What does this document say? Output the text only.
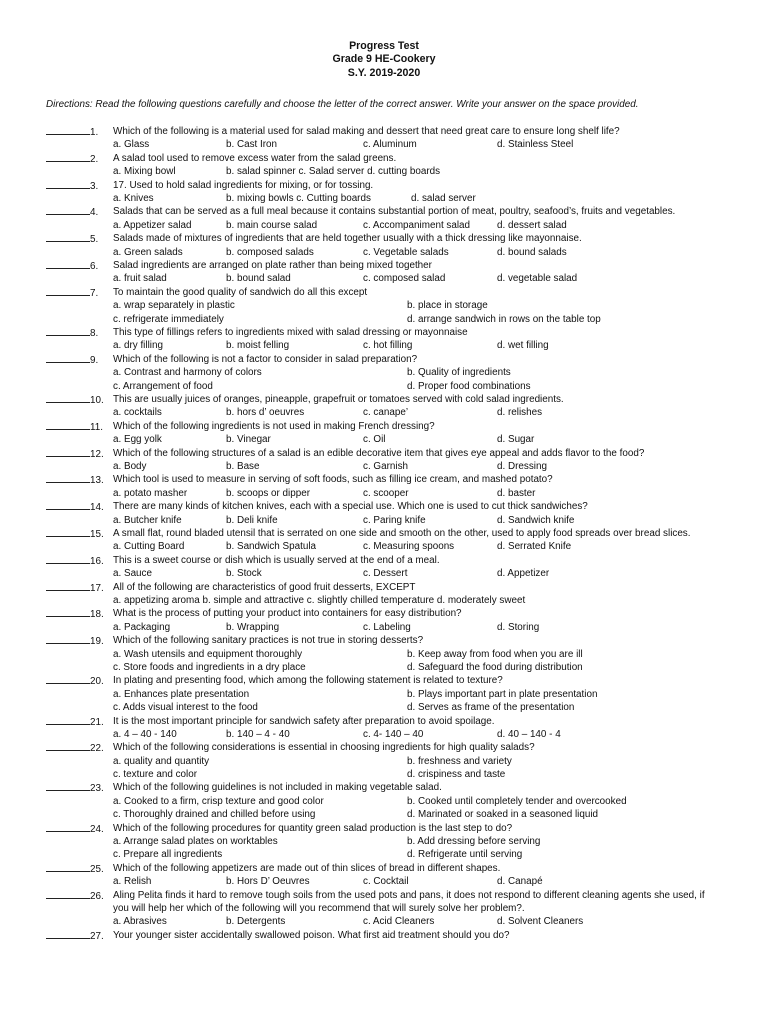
Progress Test
Grade 9 HE-Cookery
S.Y. 2019-2020
Directions: Read the following questions carefully and choose the letter of the correct answer. Write your answer on the space provided.
1.	Which of the following is a material used for salad making and dessert that need great care to ensure long shelf life?
a. Glass	b. Cast Iron	c. Aluminum	d. Stainless Steel
2.	A salad tool used to remove excess water from the salad greens.
a. Mixing bowl	b. salad spinner c. Salad server d. cutting boards
3.	17. Used to hold salad ingredients for mixing, or for tossing.
a. Knives	b. mixing bowls c. Cutting boards	d. salad server
4.	Salads that can be served as a full meal because it contains substantial portion of meat, poultry, seafood’s, fruits and vegetables.
a. Appetizer salad	b. main course salad	c. Accompaniment salad	d. dessert salad
5.	Salads made of mixtures of ingredients that are held together usually with a thick dressing like mayonnaise.
a. Green salads	b. composed salads	c. Vegetable salads	d. bound salads
6.	Salad ingredients are arranged on plate rather than being mixed together
a. fruit salad	b. bound salad	c. composed salad	d. vegetable salad
7.	To maintain the good quality of sandwich do all this except
a. wrap separately in plastic	b. place in storage
c. refrigerate immediately	d. arrange sandwich in rows on the table top
8.	This type of fillings refers to ingredients mixed with salad dressing or mayonnaise
a. dry filling	b. moist felling	c. hot filling	d. wet filling
9.	Which of the following is not a factor to consider in salad preparation?
a. Contrast and harmony of colors	b. Quality of ingredients
c. Arrangement of food	d. Proper food combinations
10. This are usually juices of oranges, pineapple, grapefruit or tomatoes served with cold salad ingredients.
a. cocktails	b. hors d’ oeuvres	c. canape’	d. relishes
11. Which of the following ingredients is not used in making French dressing?
a. Egg yolk	b. Vinegar	c. Oil	d. Sugar
12. Which of the following structures of a salad is an edible decorative item that gives eye appeal and adds flavor to the food?
a. Body	b. Base	c. Garnish	d. Dressing
13. Which tool is used to measure in serving of soft foods, such as filling ice cream, and mashed potato?
a. potato masher	b. scoops or dipper	c. scooper	d. baster
14. There are many kinds of kitchen knives, each with a special use. Which one is used to cut thick sandwiches?
a. Butcher knife	b. Deli knife	c. Paring knife	d. Sandwich knife
15. A small flat, round bladed utensil that is serrated on one side and smooth on the other, used to apply food spreads over bread slices.
a. Cutting Board	b. Sandwich Spatula	c. Measuring spoons	d. Serrated Knife
16. This is a sweet course or dish which is usually served at the end of a meal.
a. Sauce	b. Stock	c. Dessert	d. Appetizer
17. All of the following are characteristics of good fruit desserts, EXCEPT
a. appetizing aroma b. simple and attractive c. slightly chilled temperature d. moderately sweet
18. What is the process of putting your product into containers for easy distribution?
a. Packaging	b. Wrapping	c. Labeling	d. Storing
19. Which of the following sanitary practices is not true in storing desserts?
a. Wash utensils and equipment thoroughly	b. Keep away from food when you are ill
c. Store foods and ingredients in a dry place	d. Safeguard the food during distribution
20. In plating and presenting food, which among the following statement is related to texture?
a. Enhances plate presentation	b. Plays important part in plate presentation
c. Adds visual interest to the food	d. Serves as frame of the presentation
21. It is the most important principle for sandwich safety after preparation to avoid spoilage.
a. 4 – 40 - 140	b. 140 – 4 - 40	c. 4- 140 – 40	d. 40 – 140 - 4
22. Which of the following considerations is essential in choosing ingredients for high quality salads?
a. quality and quantity	b. freshness and variety
c. texture and color	d. crispiness and taste
23. Which of the following guidelines is not included in making vegetable salad.
a. Cooked to a firm, crisp texture and good color	b. Cooked until completely tender and overcooked
c. Thoroughly drained and chilled before using	d. Marinated or soaked in a seasoned liquid
24. Which of the following procedures for quantity green salad production is the last step to do?
a. Arrange salad plates on worktables	b. Add dressing before serving
c. Prepare all ingredients	d. Refrigerate until serving
25. Which of the following appetizers are made out of thin slices of bread in different shapes.
a. Relish	b. Hors D’ Oeuvres	c. Cocktail	d. Canapé
26. Aling Pelita finds it hard to remove tough soils from the used pots and pans, it does not respond to different cleaning agents she used, if you will help her which of the following will you recommend that will surely solve her problem?.
a. Abrasives	b. Detergents	c. Acid Cleaners	d. Solvent Cleaners
27. Your younger sister accidentally swallowed poison. What first aid treatment should you do?
